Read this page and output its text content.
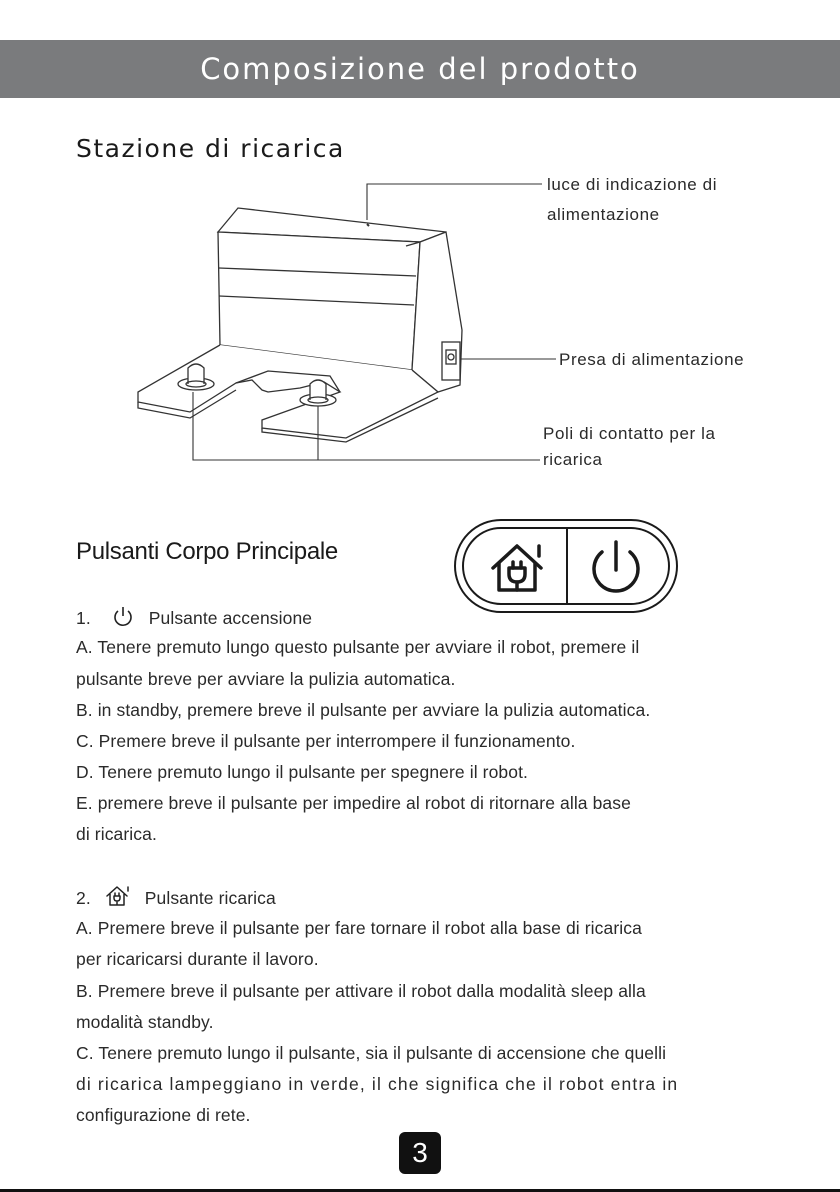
Composizione del prodotto
Stazione di ricarica
luce di indicazione di alimentazione
Presa di alimentazione
Poli di contatto per la ricarica
Pulsanti Corpo Principale
1.	Pulsante accensione
A. Tenere premuto lungo questo pulsante per avviare il robot, premere il
pulsante breve per avviare la pulizia automatica.
B. in standby, premere breve il pulsante per avviare la pulizia automatica.
C. Premere breve il pulsante per interrompere il funzionamento.
D. Tenere premuto lungo il pulsante per spegnere il robot.
E. premere breve il pulsante per impedire al robot di ritornare alla base
di ricarica.
2.	Pulsante ricarica
A. Premere breve il pulsante per fare tornare il robot alla base di ricarica
per ricaricarsi durante il lavoro.
B. Premere breve il pulsante per attivare il robot dalla modalità sleep alla
modalità standby.
C. Tenere premuto lungo il pulsante, sia il pulsante di accensione che quelli
di ricarica lampeggiano in verde, il che significa che il robot entra in
configurazione di rete.
3
